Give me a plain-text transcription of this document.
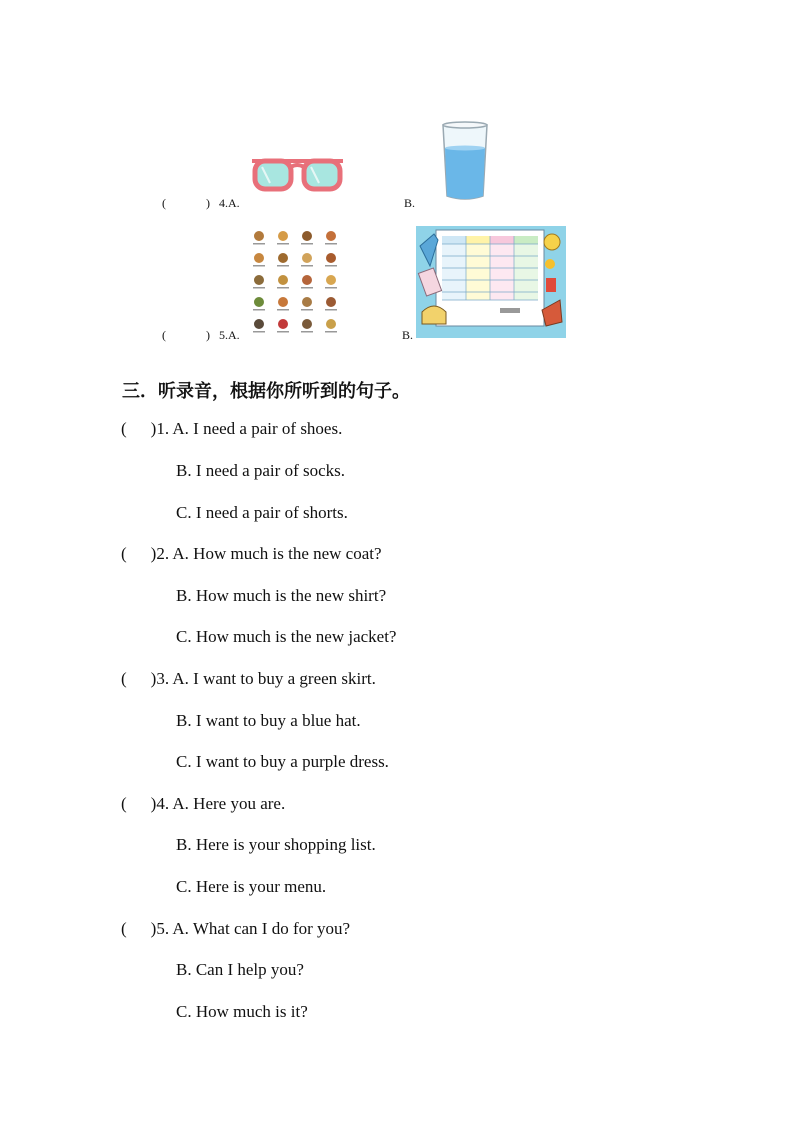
(	) 4.A.	B.
(	) 5.A.	B.
三．听录音，根据你所听到的句子。
( )1. A. I need a pair of shoes.
B. I need a pair of socks.
C. I need a pair of shorts.
( )2. A. How much is the new coat?
B. How much is the new shirt?
C. How much is the new jacket?
( )3. A. I want to buy a green skirt.
B. I want to buy a blue hat.
C. I want to buy a purple dress.
( )4. A. Here you are.
B. Here is your shopping list.
C. Here is your menu.
( )5. A. What can I do for you?
B. Can I help you?
C. How much is it?
